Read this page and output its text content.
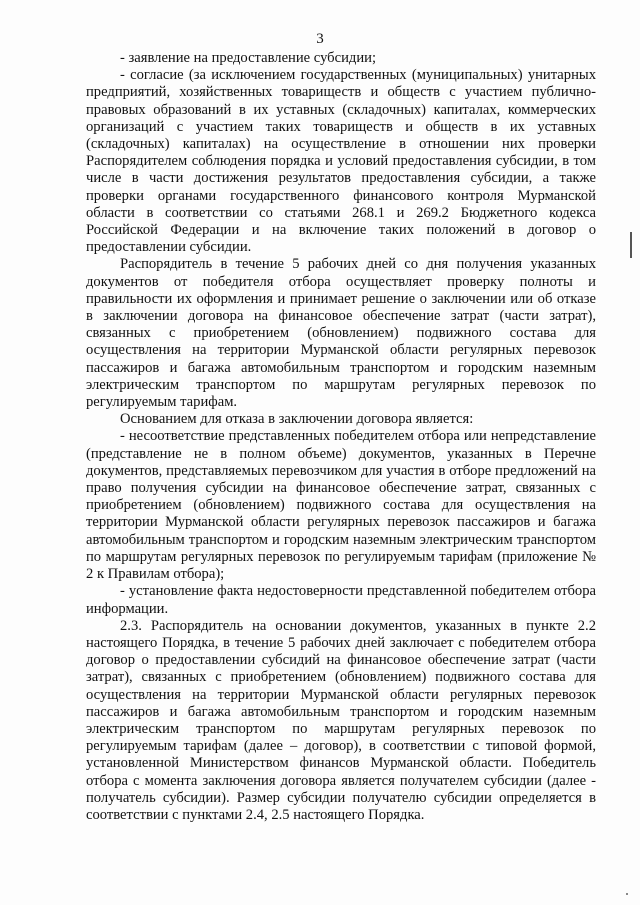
3

- заявление на предоставление субсидии;

- согласие (за исключением государственных (муниципальных) унитарных предприятий, хозяйственных товариществ и обществ с участием публично-правовых образований в их уставных (складочных) капиталах, коммерческих организаций с участием таких товариществ и обществ в их уставных (складочных) капиталах) на осуществление в отношении них проверки Распорядителем соблюдения порядка и условий предоставления субсидии, в том числе в части достижения результатов предоставления субсидии, а также проверки органами государственного финансового контроля Мурманской области в соответствии со статьями 268.1 и 269.2 Бюджетного кодекса Российской Федерации и на включение таких положений в договор о предоставлении субсидии.

Распорядитель в течение 5 рабочих дней со дня получения указанных документов от победителя отбора осуществляет проверку полноты и правильности их оформления и принимает решение о заключении или об отказе в заключении договора на финансовое обеспечение затрат (части затрат), связанных с приобретением (обновлением) подвижного состава для осуществления на территории Мурманской области регулярных перевозок пассажиров и багажа автомобильным транспортом и городским наземным электрическим транспортом по маршрутам регулярных перевозок по регулируемым тарифам.

Основанием для отказа в заключении договора является:

- несоответствие представленных победителем отбора или непредставление (представление не в полном объеме) документов, указанных в Перечне документов, представляемых перевозчиком для участия в отборе предложений на право получения субсидии на финансовое обеспечение затрат, связанных с приобретением (обновлением) подвижного состава для осуществления на территории Мурманской области регулярных перевозок пассажиров и багажа автомобильным транспортом и городским наземным электрическим транспортом по маршрутам регулярных перевозок по регулируемым тарифам (приложение № 2 к Правилам отбора);

- установление факта недостоверности представленной победителем отбора информации.

2.3. Распорядитель на основании документов, указанных в пункте 2.2 настоящего Порядка, в течение 5 рабочих дней заключает с победителем отбора договор о предоставлении субсидий на финансовое обеспечение затрат (части затрат), связанных с приобретением (обновлением) подвижного состава для осуществления на территории Мурманской области регулярных перевозок пассажиров и багажа автомобильным транспортом и городским наземным электрическим транспортом по маршрутам регулярных перевозок по регулируемым тарифам (далее – договор), в соответствии с типовой формой, установленной Министерством финансов Мурманской области. Победитель отбора с момента заключения договора является получателем субсидии (далее - получатель субсидии). Размер субсидии получателю субсидии определяется в соответствии с пунктами 2.4, 2.5 настоящего Порядка.
